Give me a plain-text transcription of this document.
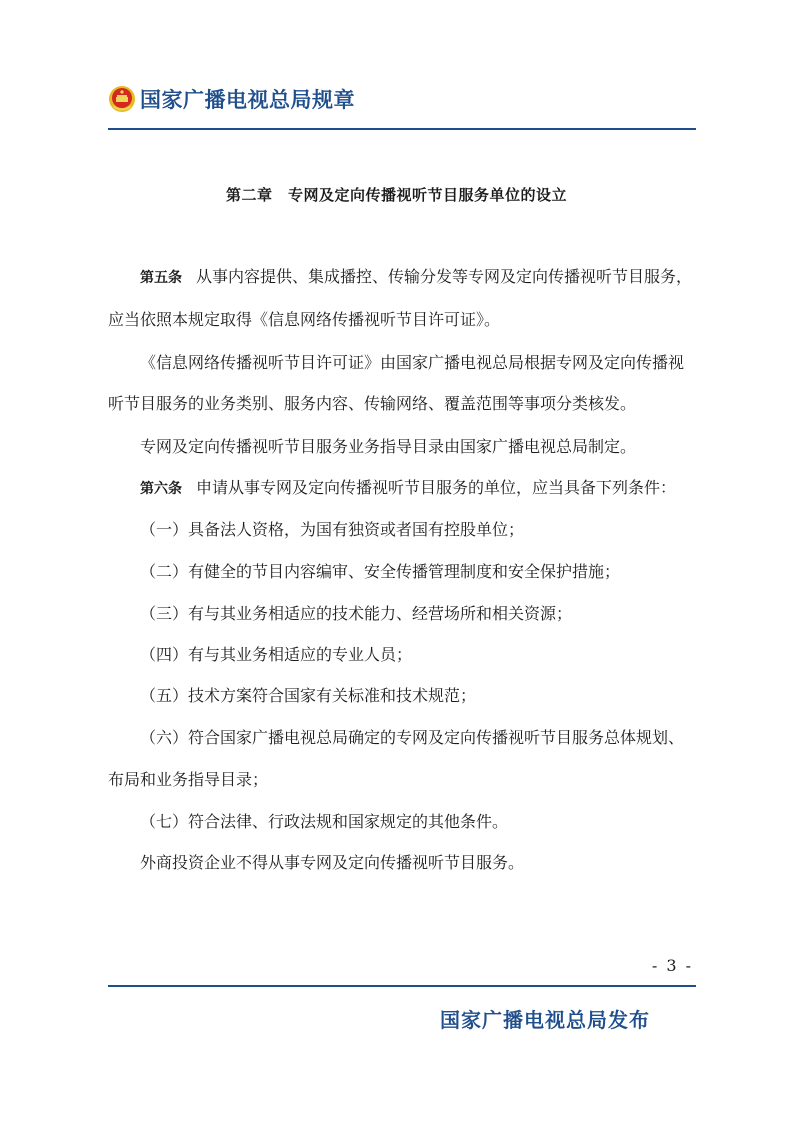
国家广播电视总局规章
第二章　专网及定向传播视听节目服务单位的设立

第五条 从事内容提供、集成播控、传输分发等专网及定向传播视听节目服务，

应当依照本规定取得《信息网络传播视听节目许可证》。

《信息网络传播视听节目许可证》由国家广播电视总局根据专网及定向传播视

听节目服务的业务类别、服务内容、传输网络、覆盖范围等事项分类核发。

专网及定向传播视听节目服务业务指导目录由国家广播电视总局制定。

第六条 申请从事专网及定向传播视听节目服务的单位，应当具备下列条件：

（一）具备法人资格，为国有独资或者国有控股单位；

（二）有健全的节目内容编审、安全传播管理制度和安全保护措施；

（三）有与其业务相适应的技术能力、经营场所和相关资源；

（四）有与其业务相适应的专业人员；

（五）技术方案符合国家有关标准和技术规范；

（六）符合国家广播电视总局确定的专网及定向传播视听节目服务总体规划、

布局和业务指导目录；

（七）符合法律、行政法规和国家规定的其他条件。

外商投资企业不得从事专网及定向传播视听节目服务。

- 3 -
国家广播电视总局发布
